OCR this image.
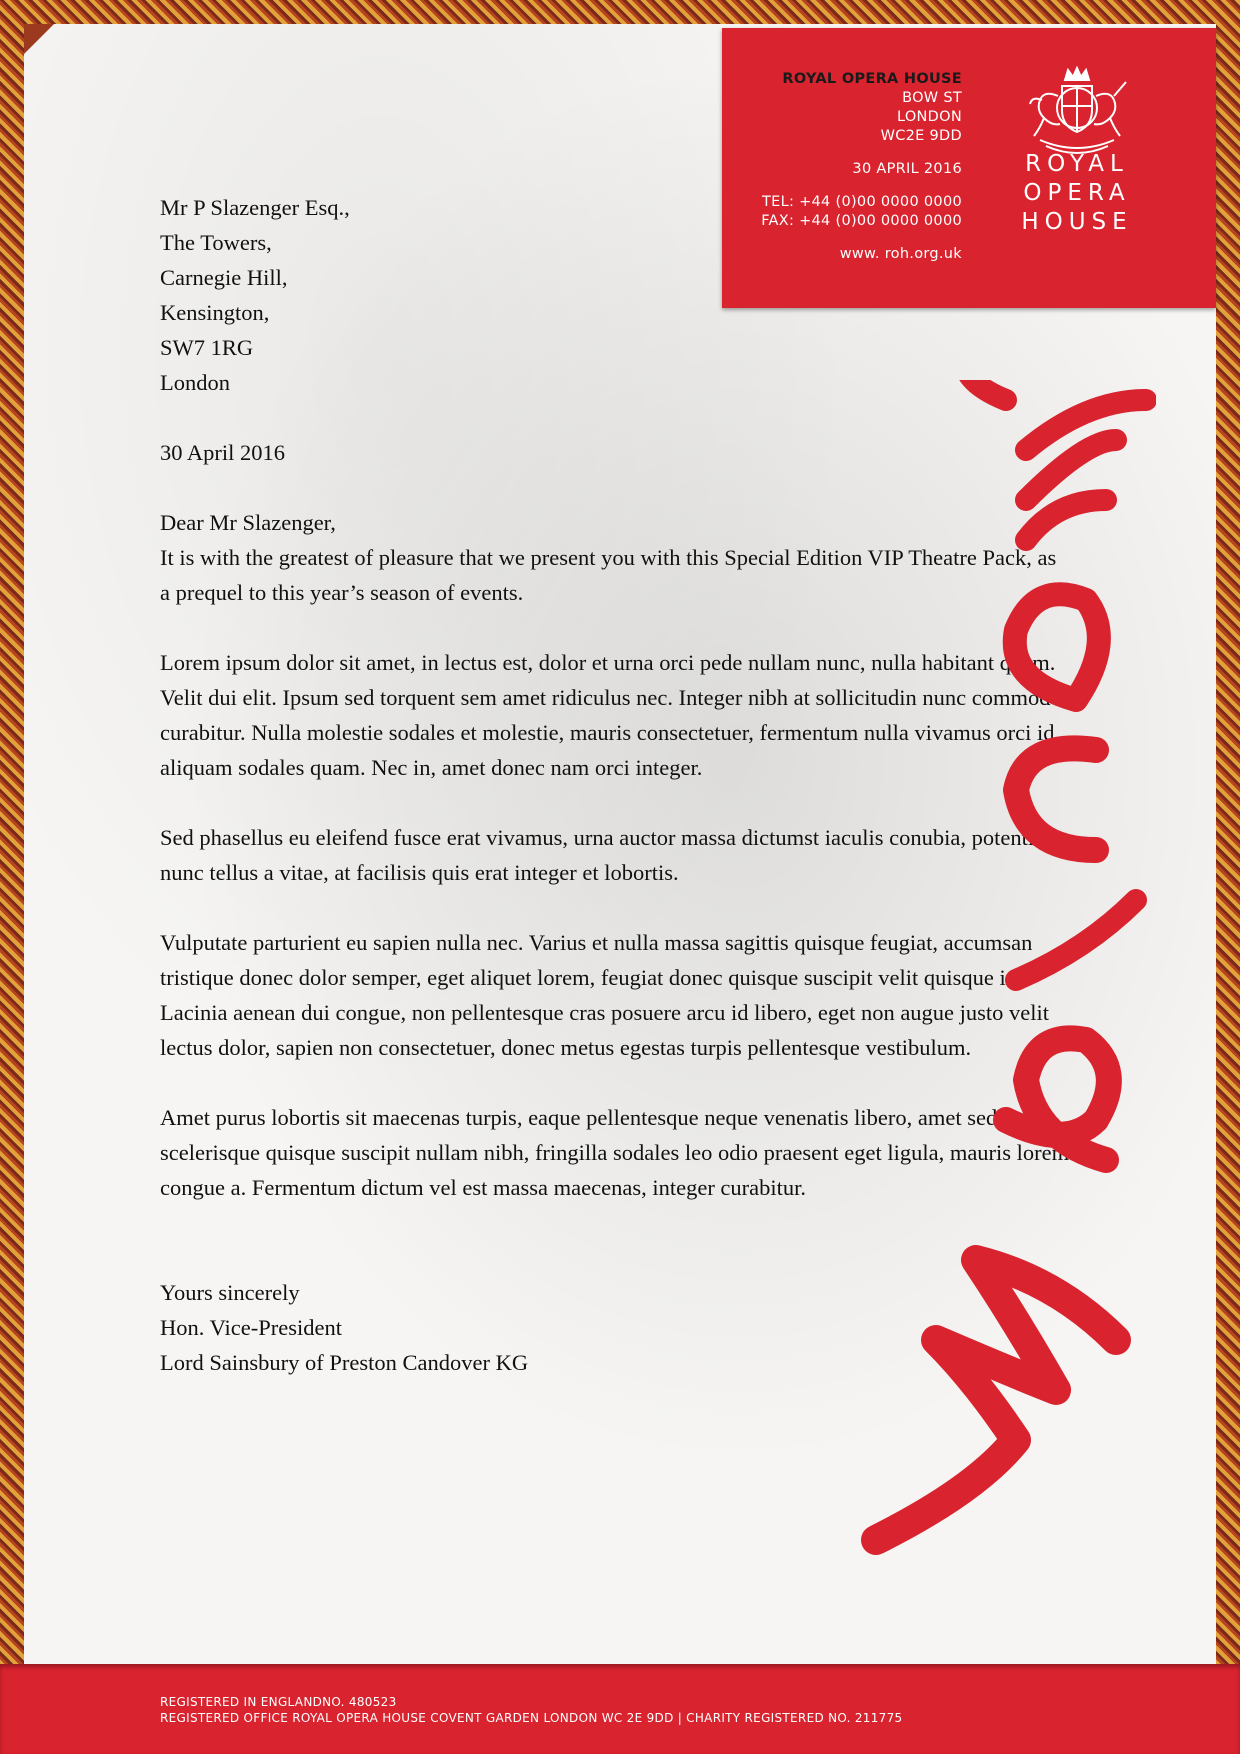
ROYAL OPERA HOUSE
BOW ST
LONDON
WC2E 9DD
30 APRIL 2016
TEL: +44 (0)00 0000 0000
FAX: +44 (0)00 0000 0000
www. roh.org.uk
ROYAL
OPERA
HOUSE

Mr P Slazenger Esq.,

The Towers,

Carnegie Hill,

Kensington,

SW7 1RG

London

30 April 2016

Dear Mr Slazenger,

It is with the greatest of pleasure that we present you with this Special Edition VIP Theatre Pack, as a prequel to this year’s season of events.

Lorem ipsum dolor sit amet, in lectus est, dolor et urna orci pede nullam nunc, nulla habitant quam. Velit dui elit. Ipsum sed torquent sem amet ridiculus nec. Integer nibh at sollicitudin nunc commodo curabitur. Nulla molestie sodales et molestie, mauris consectetuer, fermentum nulla vivamus orci id, aliquam sodales quam. Nec in, amet donec nam orci integer.

Sed phasellus eu eleifend fusce erat vivamus, urna auctor massa dictumst iaculis conubia, potenti nunc tellus a vitae, at facilisis quis erat integer et lobortis.

Vulputate parturient eu sapien nulla nec. Varius et nulla massa sagittis quisque feugiat, accumsan tristique donec dolor semper, eget aliquet lorem, feugiat donec quisque suscipit velit quisque in. Lacinia aenean dui congue, non pellentesque cras posuere arcu id libero, eget non augue justo velit lectus dolor, sapien non consectetuer, donec metus egestas turpis pellentesque vestibulum.

Amet purus lobortis sit maecenas turpis, eaque pellentesque neque venenatis libero, amet sed scelerisque quisque suscipit nullam nibh, fringilla sodales leo odio praesent eget ligula, mauris lorem congue a. Fermentum dictum vel est massa maecenas, integer curabitur.

Yours sincerely

Hon. Vice-President

Lord Sainsbury of Preston Candover KG

REGISTERED IN ENGLANDNO. 480523
REGISTERED OFFICE ROYAL OPERA HOUSE COVENT GARDEN LONDON WC 2E 9DD | CHARITY REGISTERED NO. 211775
